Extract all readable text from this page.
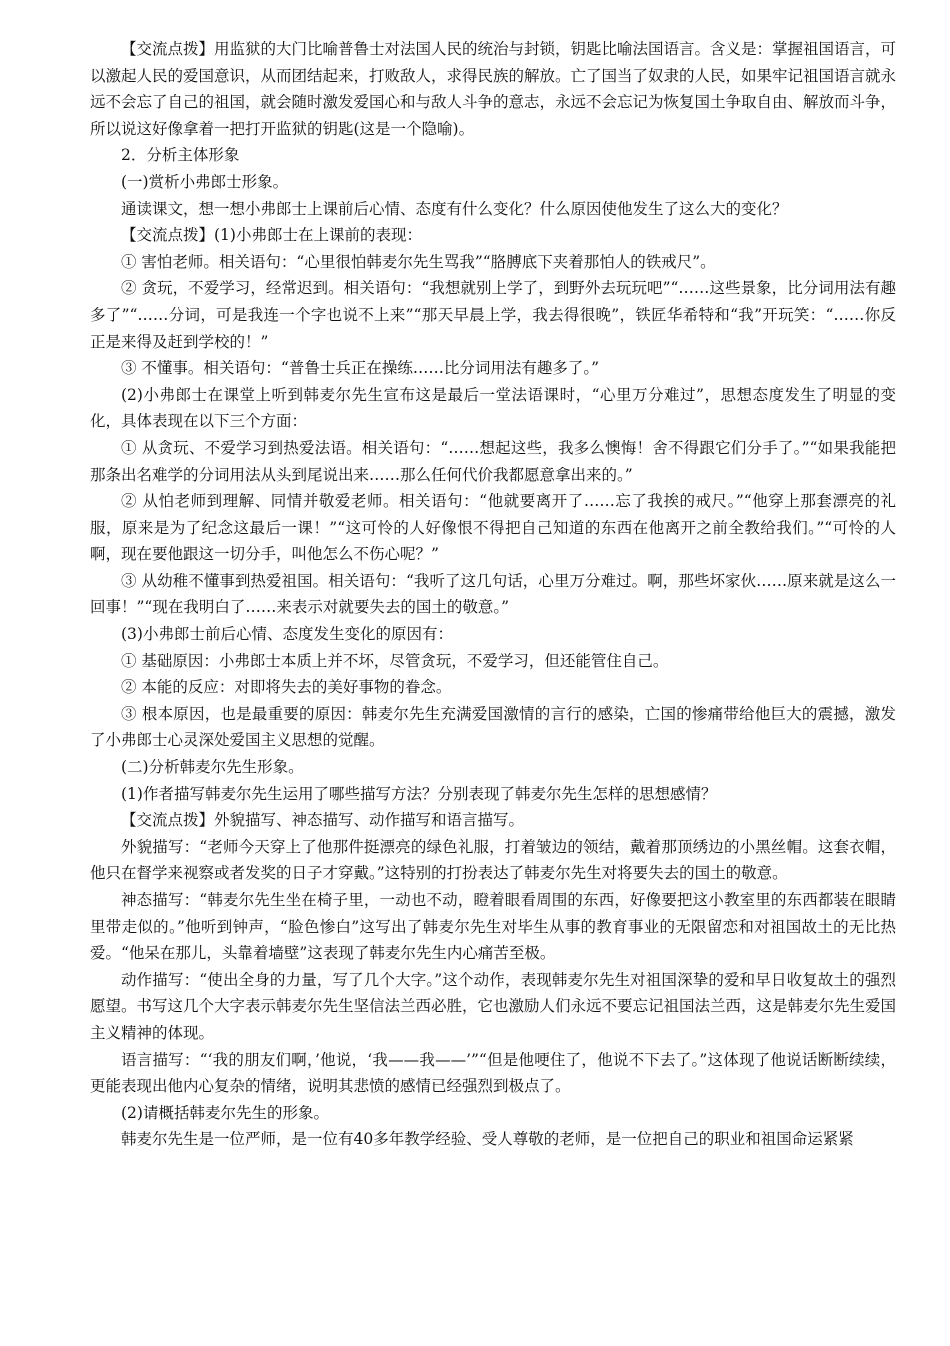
【交流点拨】用监狱的大门比喻普鲁士对法国人民的统治与封锁，钥匙比喻法国语言。含义是：掌握祖国语言，可以激起人民的爱国意识，从而团结起来，打败敌人，求得民族的解放。亡了国当了奴隶的人民，如果牢记祖国语言就永远不会忘了自己的祖国，就会随时激发爱国心和与敌人斗争的意志，永远不会忘记为恢复国土争取自由、解放而斗争，所以说这好像拿着一把打开监狱的钥匙(这是一个隐喻)。

2．分析主体形象

(一)赏析小弗郎士形象。

通读课文，想一想小弗郎士上课前后心情、态度有什么变化？什么原因使他发生了这么大的变化？

【交流点拨】(1)小弗郎士在上课前的表现：

① 害怕老师。相关语句：“心里很怕韩麦尔先生骂我”“胳膊底下夹着那怕人的铁戒尺”。

② 贪玩，不爱学习，经常迟到。相关语句：“我想就别上学了，到野外去玩玩吧”“……这些景象，比分词用法有趣多了”“……分词，可是我连一个字也说不上来”“那天早晨上学，我去得很晚”，铁匠华希特和“我”开玩笑：“……你反正是来得及赶到学校的！”

③ 不懂事。相关语句：“普鲁士兵正在操练……比分词用法有趣多了。”

(2)小弗郎士在课堂上听到韩麦尔先生宣布这是最后一堂法语课时，“心里万分难过”，思想态度发生了明显的变化，具体表现在以下三个方面：

① 从贪玩、不爱学习到热爱法语。相关语句：“……想起这些，我多么懊悔！舍不得跟它们分手了。”“如果我能把那条出名难学的分词用法从头到尾说出来……那么任何代价我都愿意拿出来的。”

② 从怕老师到理解、同情并敬爱老师。相关语句：“他就要离开了……忘了我挨的戒尺。”“他穿上那套漂亮的礼服，原来是为了纪念这最后一课！”“这可怜的人好像恨不得把自己知道的东西在他离开之前全教给我们。”“可怜的人啊，现在要他跟这一切分手，叫他怎么不伤心呢？”

③ 从幼稚不懂事到热爱祖国。相关语句：“我听了这几句话，心里万分难过。啊，那些坏家伙……原来就是这么一回事！”“现在我明白了……来表示对就要失去的国土的敬意。”

(3)小弗郎士前后心情、态度发生变化的原因有：

① 基础原因：小弗郎士本质上并不坏，尽管贪玩，不爱学习，但还能管住自己。

② 本能的反应：对即将失去的美好事物的眷念。

③ 根本原因，也是最重要的原因：韩麦尔先生充满爱国激情的言行的感染，亡国的惨痛带给他巨大的震撼，激发了小弗郎士心灵深处爱国主义思想的觉醒。

(二)分析韩麦尔先生形象。

(1)作者描写韩麦尔先生运用了哪些描写方法？分别表现了韩麦尔先生怎样的思想感情？

【交流点拨】外貌描写、神态描写、动作描写和语言描写。

外貌描写：“老师今天穿上了他那件挺漂亮的绿色礼服，打着皱边的领结，戴着那顶绣边的小黑丝帽。这套衣帽，他只在督学来视察或者发奖的日子才穿戴。”这特别的打扮表达了韩麦尔先生对将要失去的国土的敬意。

神态描写：“韩麦尔先生坐在椅子里，一动也不动，瞪着眼看周围的东西，好像要把这小教室里的东西都装在眼睛里带走似的。”他听到钟声，“脸色惨白”这写出了韩麦尔先生对毕生从事的教育事业的无限留恋和对祖国故土的无比热爱。“他呆在那儿，头靠着墙壁”这表现了韩麦尔先生内心痛苦至极。

动作描写：“使出全身的力量，写了几个大字。”这个动作，表现韩麦尔先生对祖国深挚的爱和早日收复故土的强烈愿望。书写这几个大字表示韩麦尔先生坚信法兰西必胜，它也激励人们永远不要忘记祖国法兰西，这是韩麦尔先生爱国主义精神的体现。

语言描写：“‘我的朋友们啊，’他说，‘我——我——’”“但是他哽住了，他说不下去了。”这体现了他说话断断续续，更能表现出他内心复杂的情绪，说明其悲愤的感情已经强烈到极点了。

(2)请概括韩麦尔先生的形象。

韩麦尔先生是一位严师，是一位有40多年教学经验、受人尊敬的老师，是一位把自己的职业和祖国命运紧紧
